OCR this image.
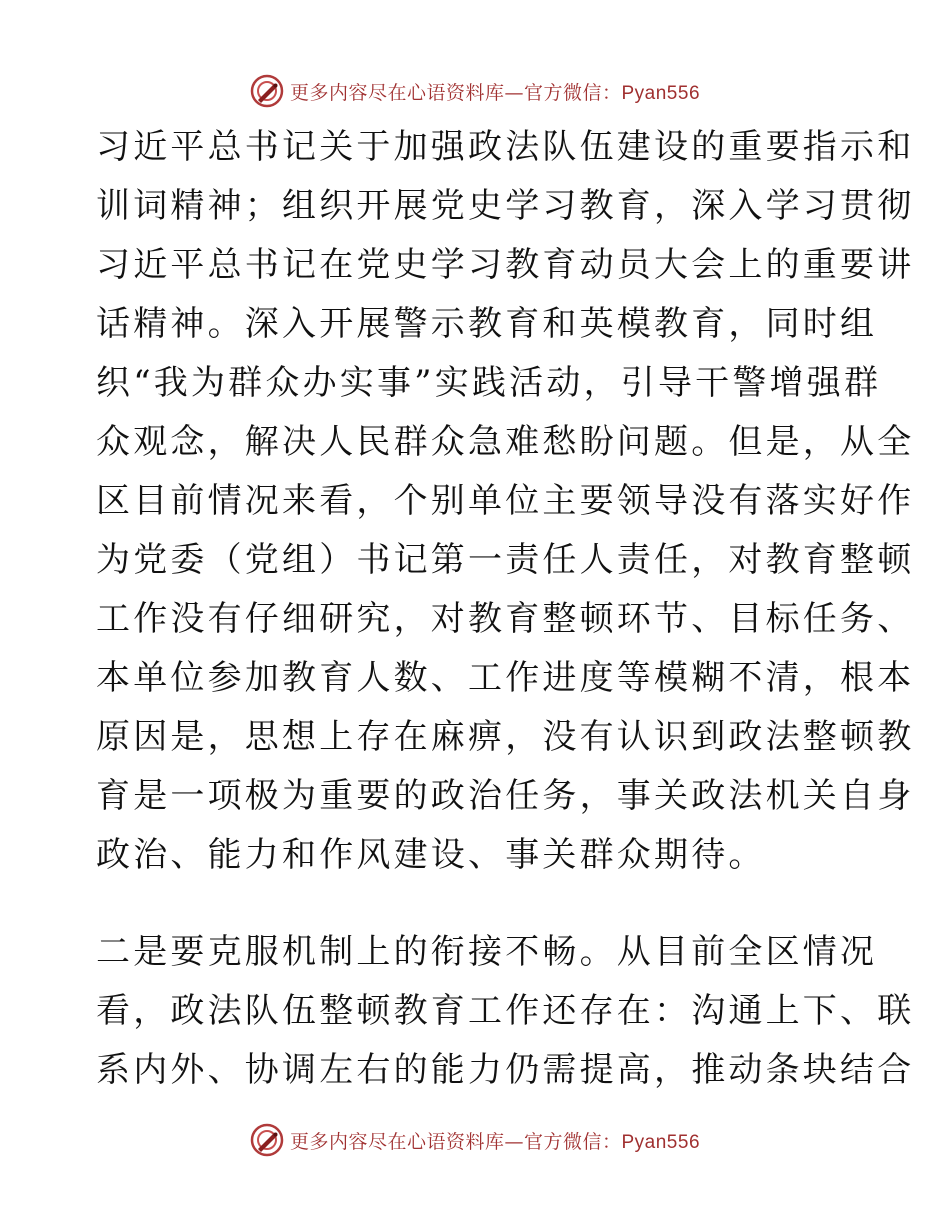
更多内容尽在心语资料库—官方微信：Pyan556
习近平总书记关于加强政法队伍建设的重要指示和
训词精神；组织开展党史学习教育，深入学习贯彻
习近平总书记在党史学习教育动员大会上的重要讲
话精神。深入开展警示教育和英模教育，同时组
织“我为群众办实事”实践活动，引导干警增强群
众观念，解决人民群众急难愁盼问题。但是，从全
区目前情况来看，个别单位主要领导没有落实好作
为党委（党组）书记第一责任人责任，对教育整顿
工作没有仔细研究，对教育整顿环节、目标任务、
本单位参加教育人数、工作进度等模糊不清，根本
原因是，思想上存在麻痹，没有认识到政法整顿教
育是一项极为重要的政治任务，事关政法机关自身
政治、能力和作风建设、事关群众期待。
二是要克服机制上的衔接不畅。从目前全区情况
看，政法队伍整顿教育工作还存在：沟通上下、联
系内外、协调左右的能力仍需提高，推动条块结合
更多内容尽在心语资料库—官方微信：Pyan556
